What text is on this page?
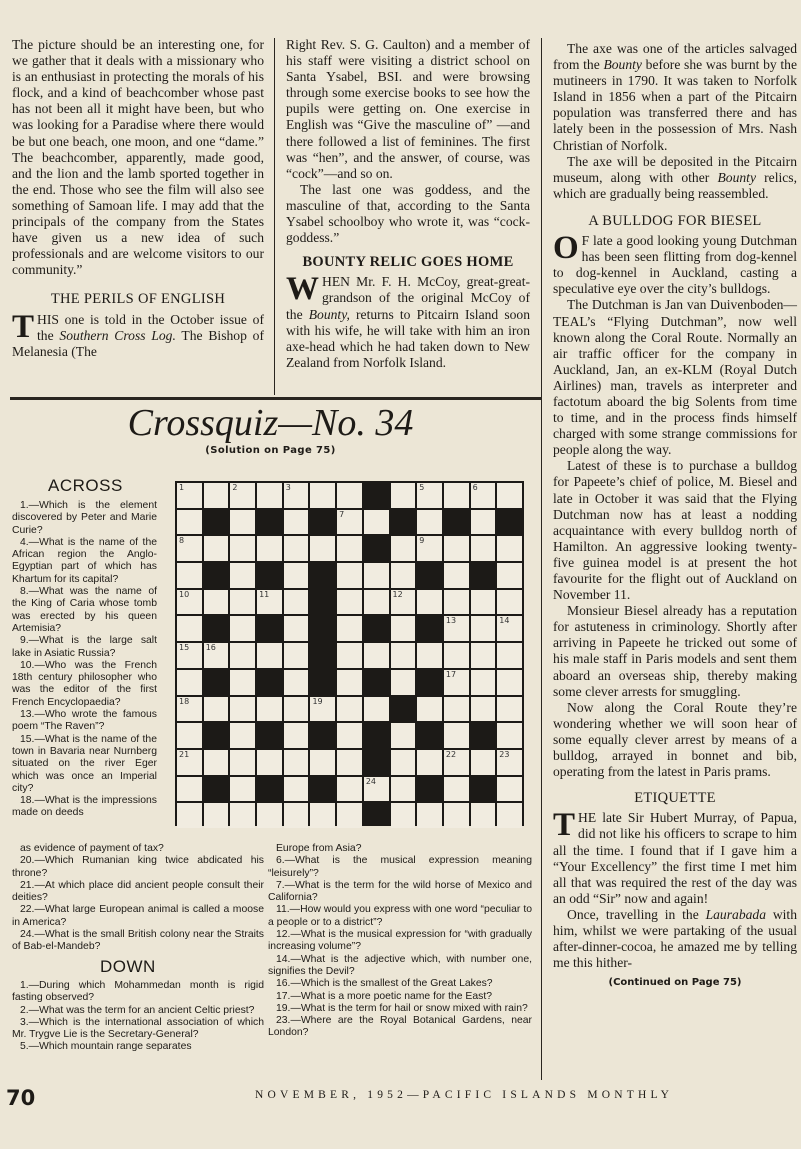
The picture should be an interesting one, for we gather that it deals with a missionary who is an enthusiast in protecting the morals of his flock, and a kind of beachcomber whose past has not been all it might have been, but who was looking for a Paradise where there would be but one beach, one moon, and one “dame.” The beachcomber, apparently, made good, and the lion and the lamb sported together in the end. Those who see the film will also see something of Samoan life. I may add that the principals of the company from the States have given us a new idea of such professionals and are welcome visitors to our community.”

THE PERILS OF ENGLISH

THIS one is told in the October issue of the Southern Cross Log. The Bishop of Melanesia (The

Right Rev. S. G. Caulton) and a member of his staff were visiting a district school on Santa Ysabel, BSI. and were browsing through some exercise books to see how the pupils were getting on. One exercise in English was “Give the masculine of” —and there followed a list of feminines. The first was “hen”, and the answer, of course, was “cock”—and so on.

The last one was goddess, and the masculine of that, according to the Santa Ysabel schoolboy who wrote it, was “cock-goddess.”

BOUNTY RELIC GOES HOME

WHEN Mr. F. H. McCoy, great-great-grandson of the original McCoy of the Bounty, returns to Pitcairn Island soon with his wife, he will take with him an iron axe-head which he had taken down to New Zealand from Norfolk Island.

The axe was one of the articles salvaged from the Bounty before she was burnt by the mutineers in 1790. It was taken to Norfolk Island in 1856 when a part of the Pitcairn population was transferred there and has lately been in the possession of Mrs. Nash Christian of Norfolk.

The axe will be deposited in the Pitcairn museum, along with other Bounty relics, which are gradually being reassembled.

A BULLDOG FOR BIESEL

O F late a good looking young Dutchman has been seen flitting from dog-kennel to dog-kennel in Auckland, casting a speculative eye over the city’s bulldogs.

The Dutchman is Jan van Duivenboden—TEAL’s “Flying Dutchman”, now well known along the Coral Route. Normally an air traffic officer for the company in Auckland, Jan, an ex-KLM (Royal Dutch Airlines) man, travels as interpreter and factotum aboard the big Solents from time to time, and in the process finds himself charged with some strange commissions for people along the way.

Latest of these is to purchase a bulldog for Papeete’s chief of police, M. Biesel and late in October it was said that the Flying Dutchman now has at least a nodding acquaintance with every bulldog north of Hamilton. An aggressive looking twenty-five guinea model is at present the hot favourite for the flight out of Auckland on November 11.

Monsieur Biesel already has a reputation for astuteness in criminology. Shortly after arriving in Papeete he tricked out some of his male staff in Paris models and sent them aboard an overseas ship, thereby making some clever arrests for smuggling.

Now along the Coral Route they’re wondering whether we will soon hear of some equally clever arrest by means of a bulldog, arrayed in bonnet and bib, operating from the latest in Paris prams.

ETIQUETTE

THE late Sir Hubert Murray, of Papua, did not like his officers to scrape to him all the time. I found that if I gave him a “Your Excellency” the first time I met him all that was required the rest of the day was an odd “Sir” now and again!

Once, travelling in the Laurabada with him, whilst we were partaking of the usual after-dinner-cocoa, he amazed me by telling me this hither-

(Continued on Page 75)
Crossquiz—No. 34
(Solution on Page 75)
ACROSS

1.—Which is the element discovered by Peter and Marie Curie?

4.—What is the name of the African region the Anglo-Egyptian part of which has Khartum for its capital?

8.—What was the name of the King of Caria whose tomb was erected by his queen Artemisia?

9.—What is the large salt lake in Asiatic Russia?

10.—Who was the French 18th century philosopher who was the editor of the first French Encyclopaedia?

13.—Who wrote the famous poem “The Raven”?

15.—What is the name of the town in Bavaria near Nurnberg situated on the river Eger which was once an Imperial city?

18.—What is the impressions made on deeds

as evidence of payment of tax?

20.—Which Rumanian king twice abdicated his throne?

21.—At which place did ancient people consult their deities?

22.—What large European animal is called a moose in America?

24.—What is the small British colony near the Straits of Bab-el-Mandeb?

DOWN

1.—During which Mohammedan month is rigid fasting observed?

2.—What was the term for an ancient Celtic priest?

3.—Which is the international association of which Mr. Trygve Lie is the Secretary-General?

5.—Which mountain range separates

Europe from Asia?

6.—What is the musical expression meaning “leisurely”?

7.—What is the term for the wild horse of Mexico and California?

11.—How would you express with one word “peculiar to a people or to a district”?

12.—What is the musical expression for “with gradually increasing volume”?

14.—What is the adjective which, with number one, signifies the Devil?

16.—Which is the smallest of the Great Lakes?

17.—What is a more poetic name for the East?

19.—What is the term for hail or snow mixed with rain?

23.—Where are the Royal Botanical Gardens, near London?

1	2	3	5	6
7
8	9
10	11	12
13	14
15 16
17
18	19
21	22	23
24
70	NOVEMBER, 1952—PACIFIC ISLANDS MONTHLY
